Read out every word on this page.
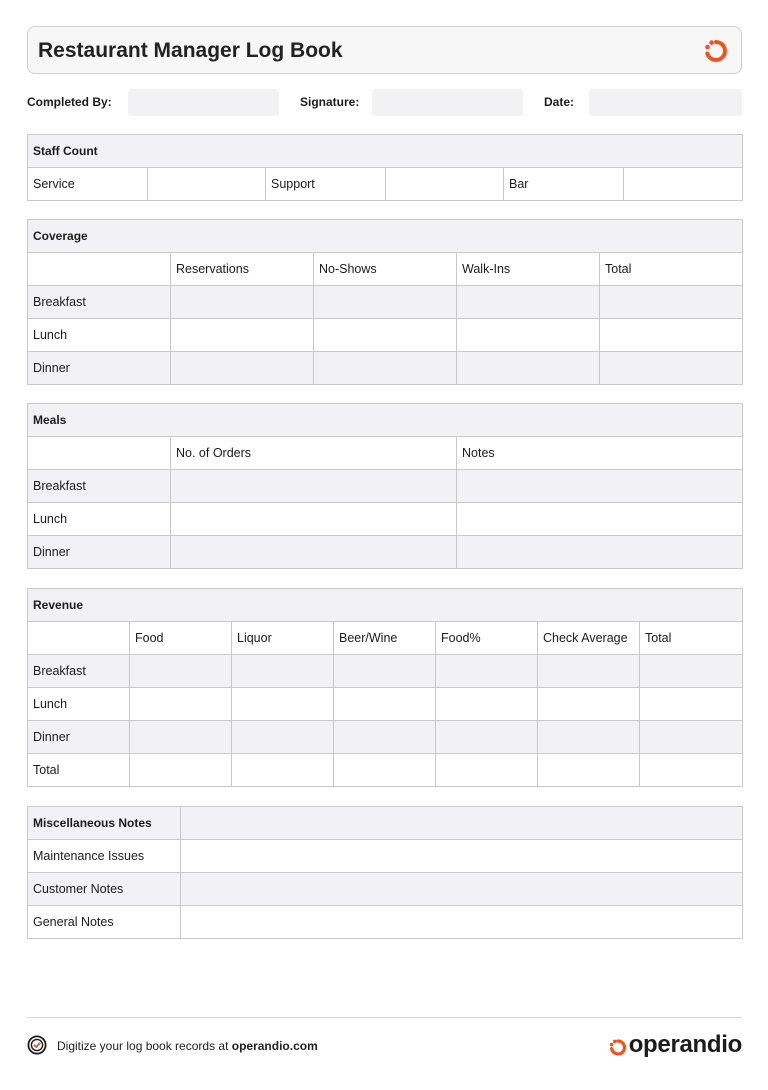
Restaurant Manager Log Book
Completed By:	Signature:	Date:
Staff Count
Service		Support		Bar	
Coverage				
	Reservations	No-Shows	Walk-Ins	Total
Breakfast				
Lunch				
Dinner				
Meals		
	No. of Orders	Notes
Breakfast		
Lunch		
Dinner		
Revenue						
	Food	Liquor	Beer/Wine	Food%	Check Average	Total
Breakfast						
Lunch						
Dinner						
Total						
Miscellaneous Notes	
Maintenance Issues	
Customer Notes	
General Notes	
Digitize your log book records at operandio.com	operandio
